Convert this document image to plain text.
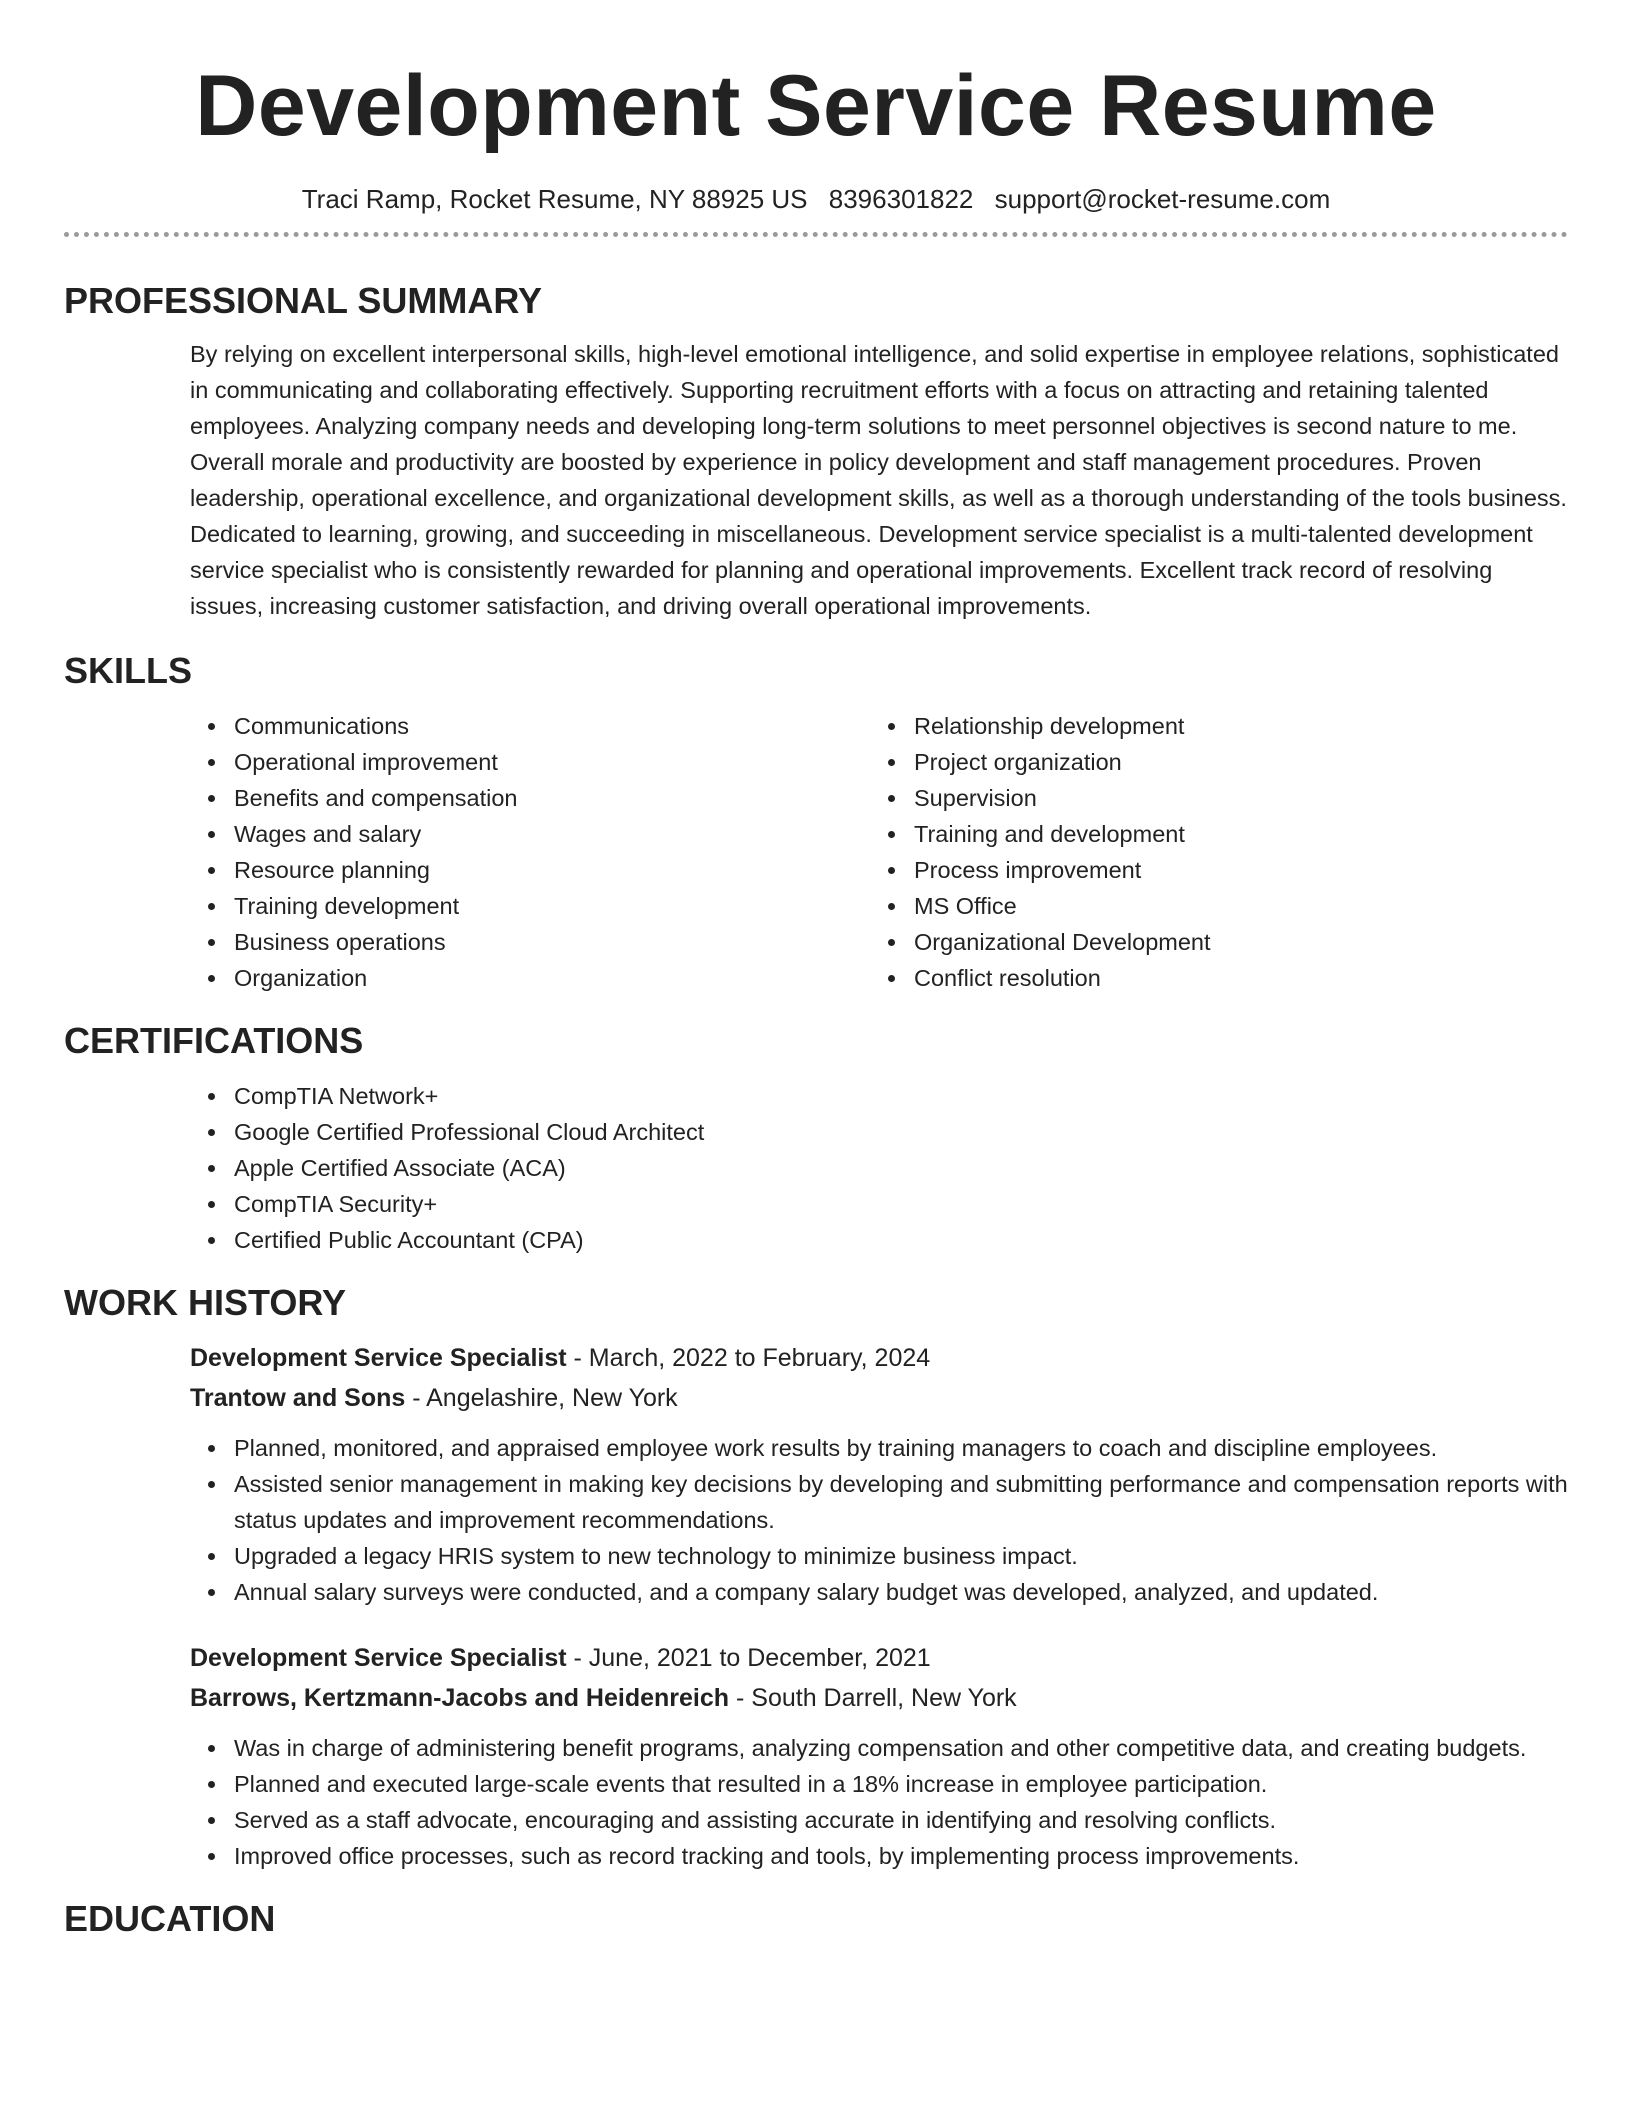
Development Service Resume
Traci Ramp, Rocket Resume, NY 88925 US 8396301822 support@rocket-resume.com
PROFESSIONAL SUMMARY

By relying on excellent interpersonal skills, high-level emotional intelligence, and solid expertise in employee relations, sophisticated in communicating and collaborating effectively. Supporting recruitment efforts with a focus on attracting and retaining talented employees. Analyzing company needs and developing long-term solutions to meet personnel objectives is second nature to me. Overall morale and productivity are boosted by experience in policy development and staff management procedures. Proven leadership, operational excellence, and organizational development skills, as well as a thorough understanding of the tools business. Dedicated to learning, growing, and succeeding in miscellaneous. Development service specialist is a multi-talented development service specialist who is consistently rewarded for planning and operational improvements. Excellent track record of resolving issues, increasing customer satisfaction, and driving overall operational improvements.

SKILLS
Communications
Operational improvement
Benefits and compensation
Wages and salary
Resource planning
Training development
Business operations
Organization
Relationship development
Project organization
Supervision
Training and development
Process improvement
MS Office
Organizational Development
Conflict resolution
CERTIFICATIONS
CompTIA Network+
Google Certified Professional Cloud Architect
Apple Certified Associate (ACA)
CompTIA Security+
Certified Public Accountant (CPA)
WORK HISTORY
Development Service Specialist - March, 2022 to February, 2024
Trantow and Sons - Angelashire, New York
Planned, monitored, and appraised employee work results by training managers to coach and discipline employees.
Assisted senior management in making key decisions by developing and submitting performance and compensation reports with status updates and improvement recommendations.
Upgraded a legacy HRIS system to new technology to minimize business impact.
Annual salary surveys were conducted, and a company salary budget was developed, analyzed, and updated.
Development Service Specialist - June, 2021 to December, 2021
Barrows, Kertzmann-Jacobs and Heidenreich - South Darrell, New York
Was in charge of administering benefit programs, analyzing compensation and other competitive data, and creating budgets.
Planned and executed large-scale events that resulted in a 18% increase in employee participation.
Served as a staff advocate, encouraging and assisting accurate in identifying and resolving conflicts.
Improved office processes, such as record tracking and tools, by implementing process improvements.
EDUCATION
